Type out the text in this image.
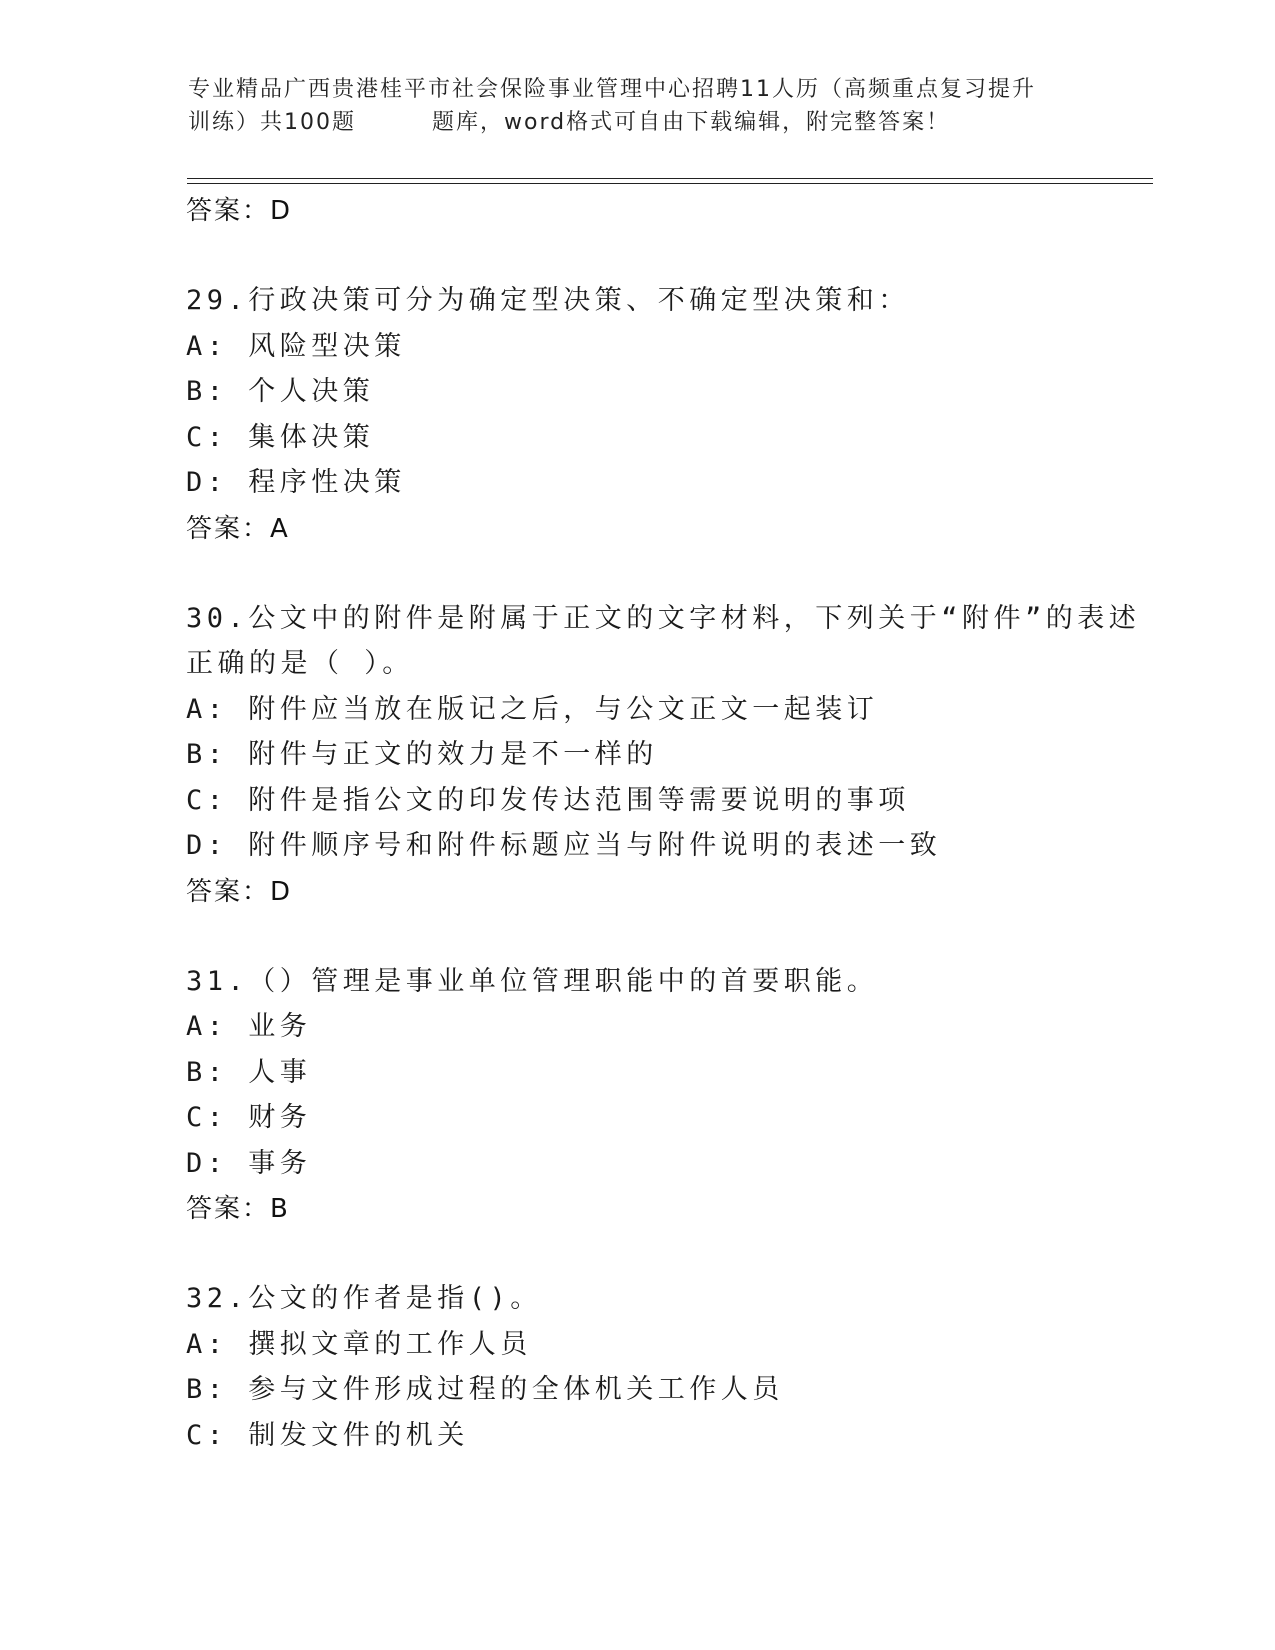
专业精品广西贵港桂平市社会保险事业管理中心招聘11人历（高频重点复习提升
训练）共100题	题库，word格式可自由下载编辑，附完整答案！
答案：D
29.行政决策可分为确定型决策、不确定型决策和：
A: 风险型决策
B: 个人决策
C: 集体决策
D: 程序性决策
答案：A
30.公文中的附件是附属于正文的文字材料，下列关于“附件”的表述
正确的是（ ）。
A: 附件应当放在版记之后，与公文正文一起装订
B: 附件与正文的效力是不一样的
C: 附件是指公文的印发传达范围等需要说明的事项
D: 附件顺序号和附件标题应当与附件说明的表述一致
答案：D
31.（）管理是事业单位管理职能中的首要职能。
A: 业务
B: 人事
C: 财务
D: 事务
答案：B
32.公文的作者是指()。
A: 撰拟文章的工作人员
B: 参与文件形成过程的全体机关工作人员
C: 制发文件的机关
